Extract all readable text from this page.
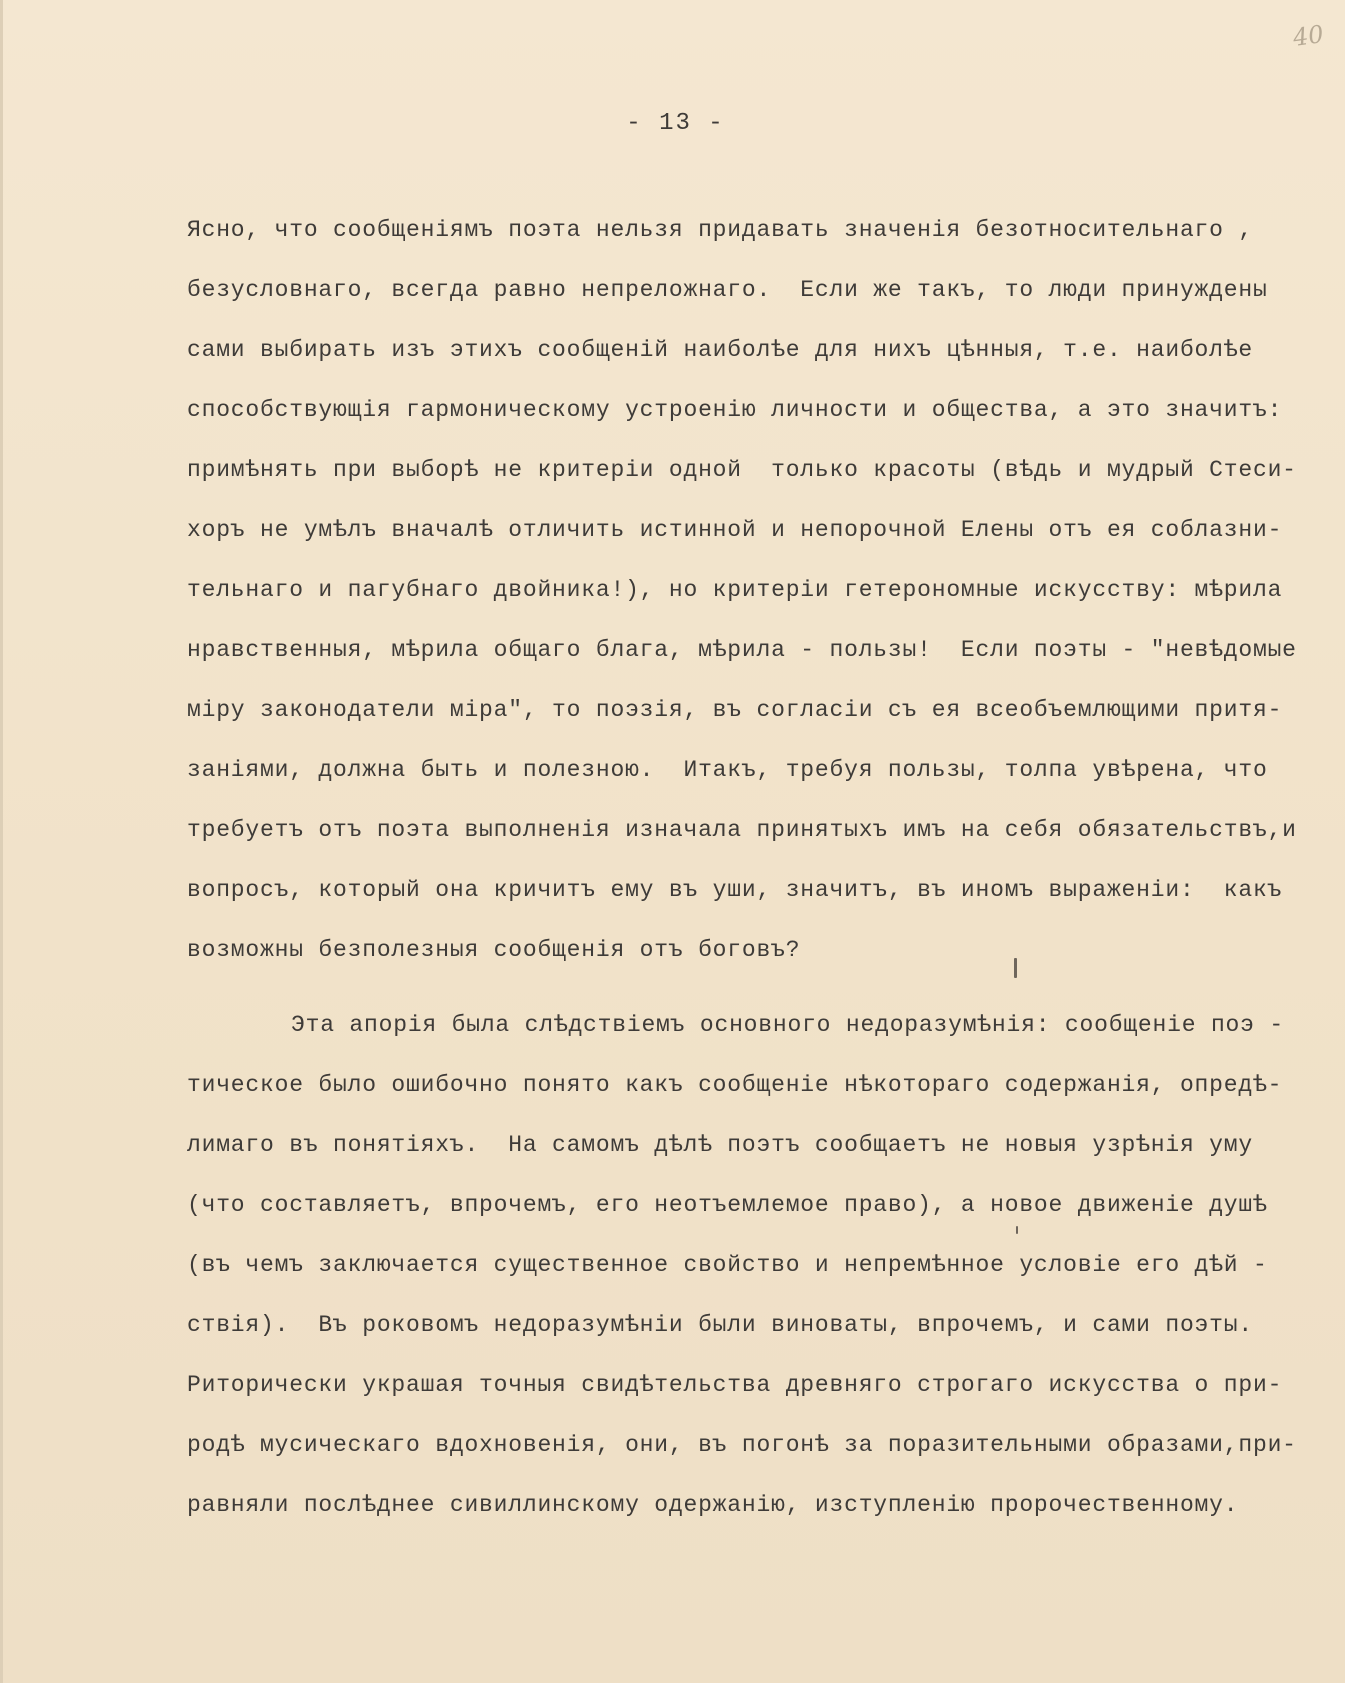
40
- 13 -
Ясно, что сообщеніямъ поэта нельзя придавать значенія безотносительнаго ,
безусловнаго, всегда равно непреложнаго.  Если же такъ, то люди принуждены
сами выбирать изъ этихъ сообщеній наиболѣе для нихъ цѣнныя, т.е. наиболѣе
способствующія гармоническому устроенію личности и общества, а это значитъ:
примѣнять при выборѣ не критеріи одной  только красоты (вѣдь и мудрый Стеси-
хоръ не умѣлъ вначалѣ отличить истинной и непорочной Елены отъ ея соблазни-
тельнаго и пагубнаго двойника!), но критеріи гетерономные искусству: мѣрила
нравственныя, мѣрила общаго блага, мѣрила - пользы!  Если поэты - "невѣдомые
міру законодатели міра", то поэзія, въ согласіи съ ея всеобъемлющими притя-
заніями, должна быть и полезною.  Итакъ, требуя пользы, толпа увѣрена, что
требуетъ отъ поэта выполненія изначала принятыхъ имъ на себя обязательствъ,и
вопросъ, который она кричитъ ему въ уши, значитъ, въ иномъ выраженіи:  какъ
возможны безполезныя сообщенія отъ боговъ?
Эта апорія была слѣдствіемъ основного недоразумѣнія: сообщеніе поэ -
тическое было ошибочно понято какъ сообщеніе нѣкотораго содержанія, опредѣ-
лимаго въ понятіяхъ.  На самомъ дѣлѣ поэтъ сообщаетъ не новыя узрѣнія уму
(что составляетъ, впрочемъ, его неотъемлемое право), а новое движеніе душѣ
(въ чемъ заключается существенное свойство и непремѣнное условіе его дѣй -
ствія).  Въ роковомъ недоразумѣніи были виноваты, впрочемъ, и сами поэты.
Риторически украшая точныя свидѣтельства древняго строгаго искусства о при-
родѣ мусическаго вдохновенія, они, въ погонѣ за поразительными образами,при-
равняли послѣднее сивиллинскому одержанію, изступленію пророчественному.
